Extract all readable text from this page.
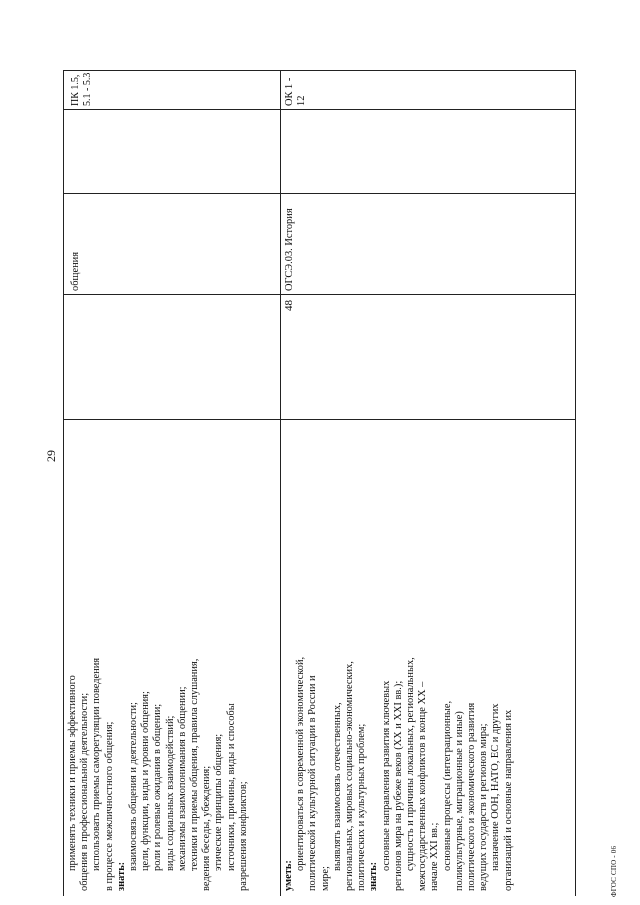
29
ФГОС СПО - 06
общения
ПК 1.5, 5.1 - 5.3

применять техники и приемы эффективного общения в профессиональной деятельности; использовать приемы саморегуляции поведения в процессе межличностного общения; знать:

взаимосвязь общения и деятельности; цели, функции, виды и уровни общения; роли и ролевые ожидания в общении; виды социальных взаимодействий; механизмы взаимопонимания в общении; техники и приемы общения, правила слушания, ведения беседы, убеждения; этические принципы общения; источники, причины, виды и способы разрешения конфликтов;

ОГСЭ.03. История
ОК 1 - 12
48

уметь:

ориентироваться в современной экономической, политической и культурной ситуации в России и мире;

выявлять взаимосвязь отечественных, региональных, мировых социально-экономических, политических и культурных проблем; знать:

основные направления развития ключевых регионов мира на рубеже веков (XX и XXI вв.); сущность и причины локальных, региональных, межгосударственных конфликтов в конце XX – начале XXI вв.; основные процессы (интеграционные, поликультурные, миграционные и иные) политического и экономического развития ведущих государств и регионов мира; назначение ООН, НАТО, ЕС и других организаций и основные направления их
